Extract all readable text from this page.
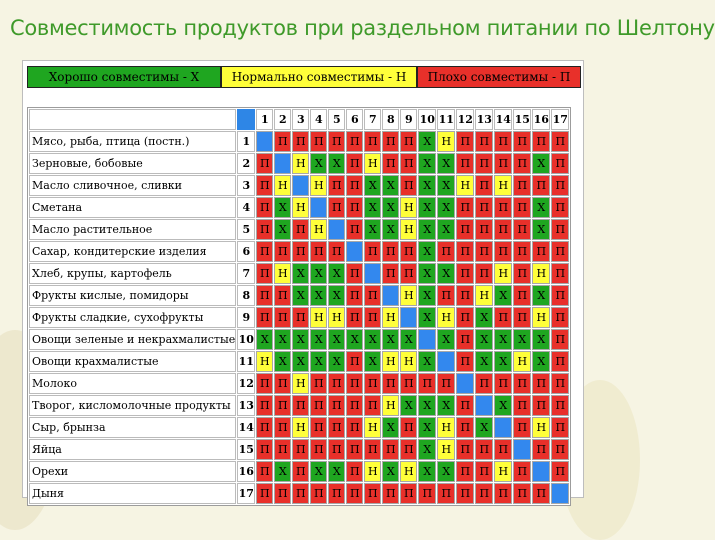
Совместимость продуктов при раздельном питании по Шелтону
Хорошо совместимы - Х	Нормально совместимы - Н	Плохо совместимы - П
		1	2	3	4	5	6	7	8	9	10	11	12	13	14	15	16	17
Мясо, рыба, птица (постн.)	1		П	П	П	П	П	П	П	П	Х	Н	П	П	П	П	П	П
Зерновые, бобовые	2	П		Н	Х	Х	П	Н	П	П	Х	Х	П	П	П	П	Х	П
Масло сливочное, сливки	3	П	Н		Н	П	П	Х	Х	П	Х	Х	Н	П	Н	П	П	П
Сметана	4	П	Х	Н		П	П	Х	Х	Н	Х	Х	П	П	П	П	Х	П
Масло растительное	5	П	Х	П	Н		П	Х	Х	Н	Х	Х	П	П	П	П	Х	П
Сахар, кондитерские изделия	6	П	П	П	П	П		П	П	П	Х	П	П	П	П	П	П	П
Хлеб, крупы, картофель	7	П	Н	Х	Х	Х	П		П	П	Х	Х	П	П	Н	П	Н	П
Фрукты кислые, помидоры	8	П	П	Х	Х	Х	П	П		Н	Х	П	П	Н	Х	П	Х	П
Фрукты сладкие, сухофрукты	9	П	П	П	Н	Н	П	П	Н		Х	Н	П	Х	П	П	Н	П
Овощи зеленые и некрахмалистые	10	Х	Х	Х	Х	Х	Х	Х	Х	Х		Х	П	Х	Х	Х	Х	П
Овощи крахмалистые	11	Н	Х	Х	Х	Х	П	Х	Н	Н	Х		П	Х	Х	Н	Х	П
Молоко	12	П	П	Н	П	П	П	П	П	П	П	П		П	П	П	П	П
Творог, кисломолочные продукты	13	П	П	П	П	П	П	П	Н	Х	Х	Х	П		Х	П	П	П
Сыр, брынза	14	П	П	Н	П	П	П	Н	Х	П	Х	Н	П	Х		П	Н	П
Яйца	15	П	П	П	П	П	П	П	П	П	Х	Н	П	П	П		П	П
Орехи	16	П	Х	П	Х	Х	П	Н	Х	Н	Х	Х	П	П	Н	П		П
Дыня	17	П	П	П	П	П	П	П	П	П	П	П	П	П	П	П	П	
